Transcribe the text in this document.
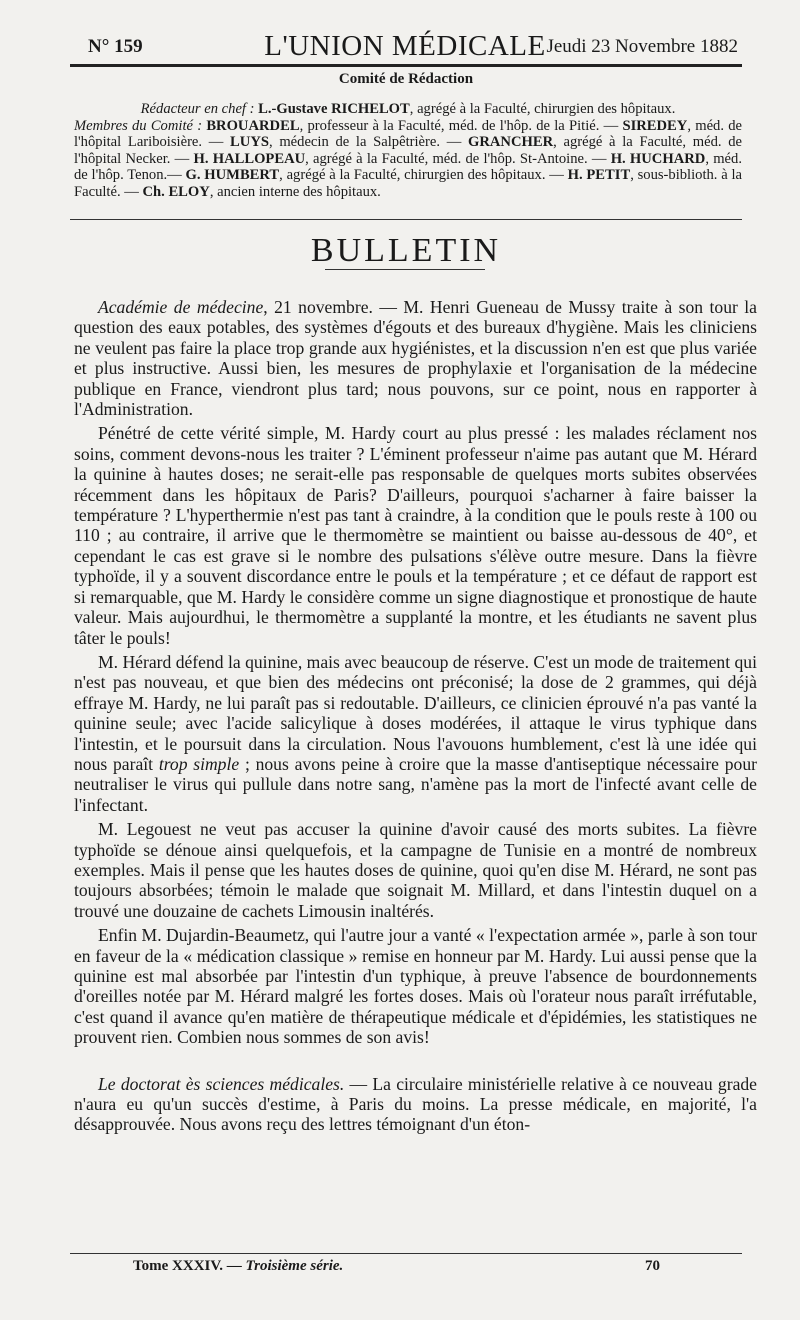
N° 159	L'UNION MÉDICALE Jeudi 23 Novembre 1882
Comité de Rédaction

Rédacteur en chef : L.-Gustave RICHELOT, agrégé à la Faculté, chirurgien des hôpitaux.

Membres du Comité : BROUARDEL, professeur à la Faculté, méd. de l'hôp. de la Pitié. — SIREDEY, méd. de l'hôpital Lariboisière. — LUYS, médecin de la Salpêtrière. — GRANCHER, agrégé à la Faculté, méd. de l'hôpital Necker. — H. HALLOPEAU, agrégé à la Faculté, méd. de l'hôp. St-Antoine. — H. HUCHARD, méd. de l'hôp. Tenon.— G. HUMBERT, agrégé à la Faculté, chirurgien des hôpitaux. — H. PETIT, sous-biblioth. à la Faculté. — Ch. ELOY, ancien interne des hôpitaux.

BULLETIN

Académie de médecine, 21 novembre. — M. Henri Gueneau de Mussy traite à son tour la question des eaux potables, des systèmes d'égouts et des bureaux d'hygiène. Mais les cliniciens ne veulent pas faire la place trop grande aux hygiénistes, et la discussion n'en est que plus variée et plus instructive. Aussi bien, les mesures de prophylaxie et l'organisation de la médecine publique en France, viendront plus tard; nous pouvons, sur ce point, nous en rapporter à l'Administration.

Pénétré de cette vérité simple, M. Hardy court au plus pressé : les malades réclament nos soins, comment devons-nous les traiter ? L'éminent professeur n'aime pas autant que M. Hérard la quinine à hautes doses; ne serait-elle pas responsable de quelques morts subites observées récemment dans les hôpitaux de Paris? D'ailleurs, pourquoi s'acharner à faire baisser la température ? L'hyperthermie n'est pas tant à craindre, à la condition que le pouls reste à 100 ou 110 ; au contraire, il arrive que le thermomètre se maintient ou baisse au-dessous de 40°, et cependant le cas est grave si le nombre des pulsations s'élève outre mesure. Dans la fièvre typhoïde, il y a souvent discordance entre le pouls et la température ; et ce défaut de rapport est si remarquable, que M. Hardy le considère comme un signe diagnostique et pronostique de haute valeur. Mais aujourdhui, le thermomètre a supplanté la montre, et les étudiants ne savent plus tâter le pouls!

M. Hérard défend la quinine, mais avec beaucoup de réserve. C'est un mode de traitement qui n'est pas nouveau, et que bien des médecins ont préconisé; la dose de 2 grammes, qui déjà effraye M. Hardy, ne lui paraît pas si redoutable. D'ailleurs, ce clinicien éprouvé n'a pas vanté la quinine seule; avec l'acide salicylique à doses modérées, il attaque le virus typhique dans l'intestin, et le poursuit dans la circulation. Nous l'avouons humblement, c'est là une idée qui nous paraît trop simple ; nous avons peine à croire que la masse d'antiseptique nécessaire pour neutraliser le virus qui pullule dans notre sang, n'amène pas la mort de l'infecté avant celle de l'infectant.

M. Legouest ne veut pas accuser la quinine d'avoir causé des morts subites. La fièvre typhoïde se dénoue ainsi quelquefois, et la campagne de Tunisie en a montré de nombreux exemples. Mais il pense que les hautes doses de quinine, quoi qu'en dise M. Hérard, ne sont pas toujours absorbées; témoin le malade que soignait M. Millard, et dans l'intestin duquel on a trouvé une douzaine de cachets Limousin inaltérés.

Enfin M. Dujardin-Beaumetz, qui l'autre jour a vanté « l'expectation armée », parle à son tour en faveur de la « médication classique » remise en honneur par M. Hardy. Lui aussi pense que la quinine est mal absorbée par l'intestin d'un typhique, à preuve l'absence de bourdonnements d'oreilles notée par M. Hérard malgré les fortes doses. Mais où l'orateur nous paraît irréfutable, c'est quand il avance qu'en matière de thérapeutique médicale et d'épidémies, les statistiques ne prouvent rien. Combien nous sommes de son avis!

Le doctorat ès sciences médicales. — La circulaire ministérielle relative à ce nouveau grade n'aura eu qu'un succès d'estime, à Paris du moins. La presse médicale, en majorité, l'a désapprouvée. Nous avons reçu des lettres témoignant d'un éton-

Tome XXXIV. — Troisième série.	70
